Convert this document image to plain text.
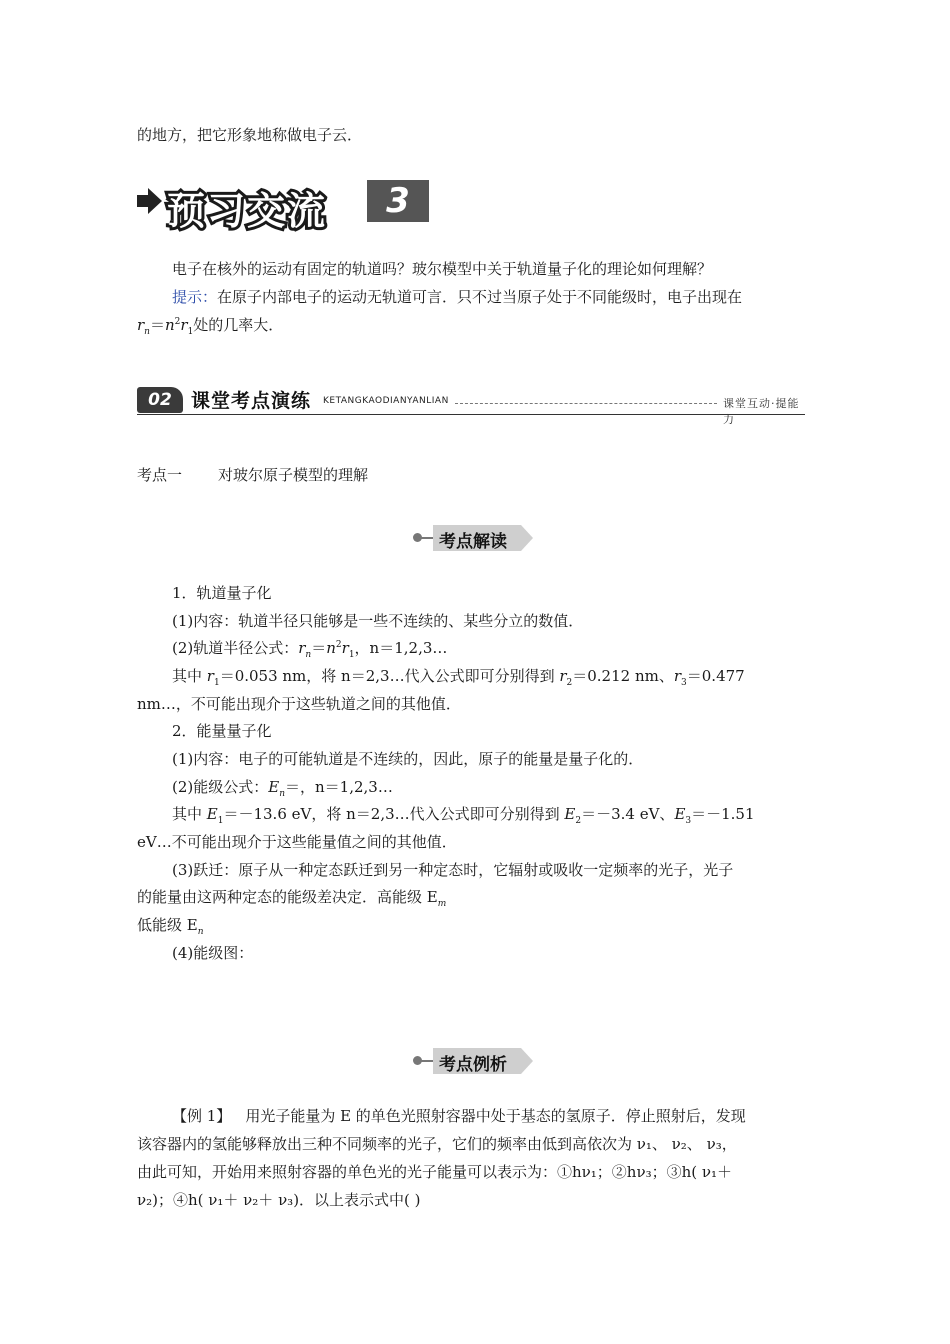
的地方，把它形象地称做电子云．
预习交流	3
电子在核外的运动有固定的轨道吗？玻尔模型中关于轨道量子化的理论如何理解？
提示：在原子内部电子的运动无轨道可言．只不过当原子处于不同能级时，电子出现在
$r_n=n^2r_1$处的几率大．
02	课堂考点演练 KETANGKAODIANYANLIAN	课堂互动·提能力
考点一 对玻尔原子模型的理解
考点解读
1．轨道量子化
(1)内容：轨道半径只能够是一些不连续的、某些分立的数值．
(2)轨道半径公式：$r_n=n^2r_1$，n＝1,2,3…
其中 $r_1=0.053$ nm，将 n＝2,3…代入公式即可分别得到 $r_2=0.212$ nm、$r_3=0.477$
nm…，不可能出现介于这些轨道之间的其他值．
2．能量量子化
(1)内容：电子的可能轨道是不连续的，因此，原子的能量是量子化的．
(2)能级公式：$E_n=$，n＝1,2,3…
其中 $E_1=-13.6$ eV，将 n＝2,3…代入公式即可分别得到 $E_2=-3.4$ eV、$E_3=-1.51$
eV…不可能出现介于这些能量值之间的其他值．
(3)跃迁：原子从一种定态跃迁到另一种定态时，它辐射或吸收一定频率的光子，光子
的能量由这两种定态的能级差决定．高能级 $E_m$
低能级 $E_n$
(4)能级图：
考点例析
【例 1】 用光子能量为 E 的单色光照射容器中处于基态的氢原子．停止照射后，发现
该容器内的氢能够释放出三种不同频率的光子，它们的频率由低到高依次为 ν₁、 ν₂、 ν₃，
由此可知，开始用来照射容器的单色光的光子能量可以表示为：①hν₁；②hν₃；③h( ν₁＋
ν₂)；④h( ν₁＋ ν₂＋ ν₃)．以上表示式中( )
